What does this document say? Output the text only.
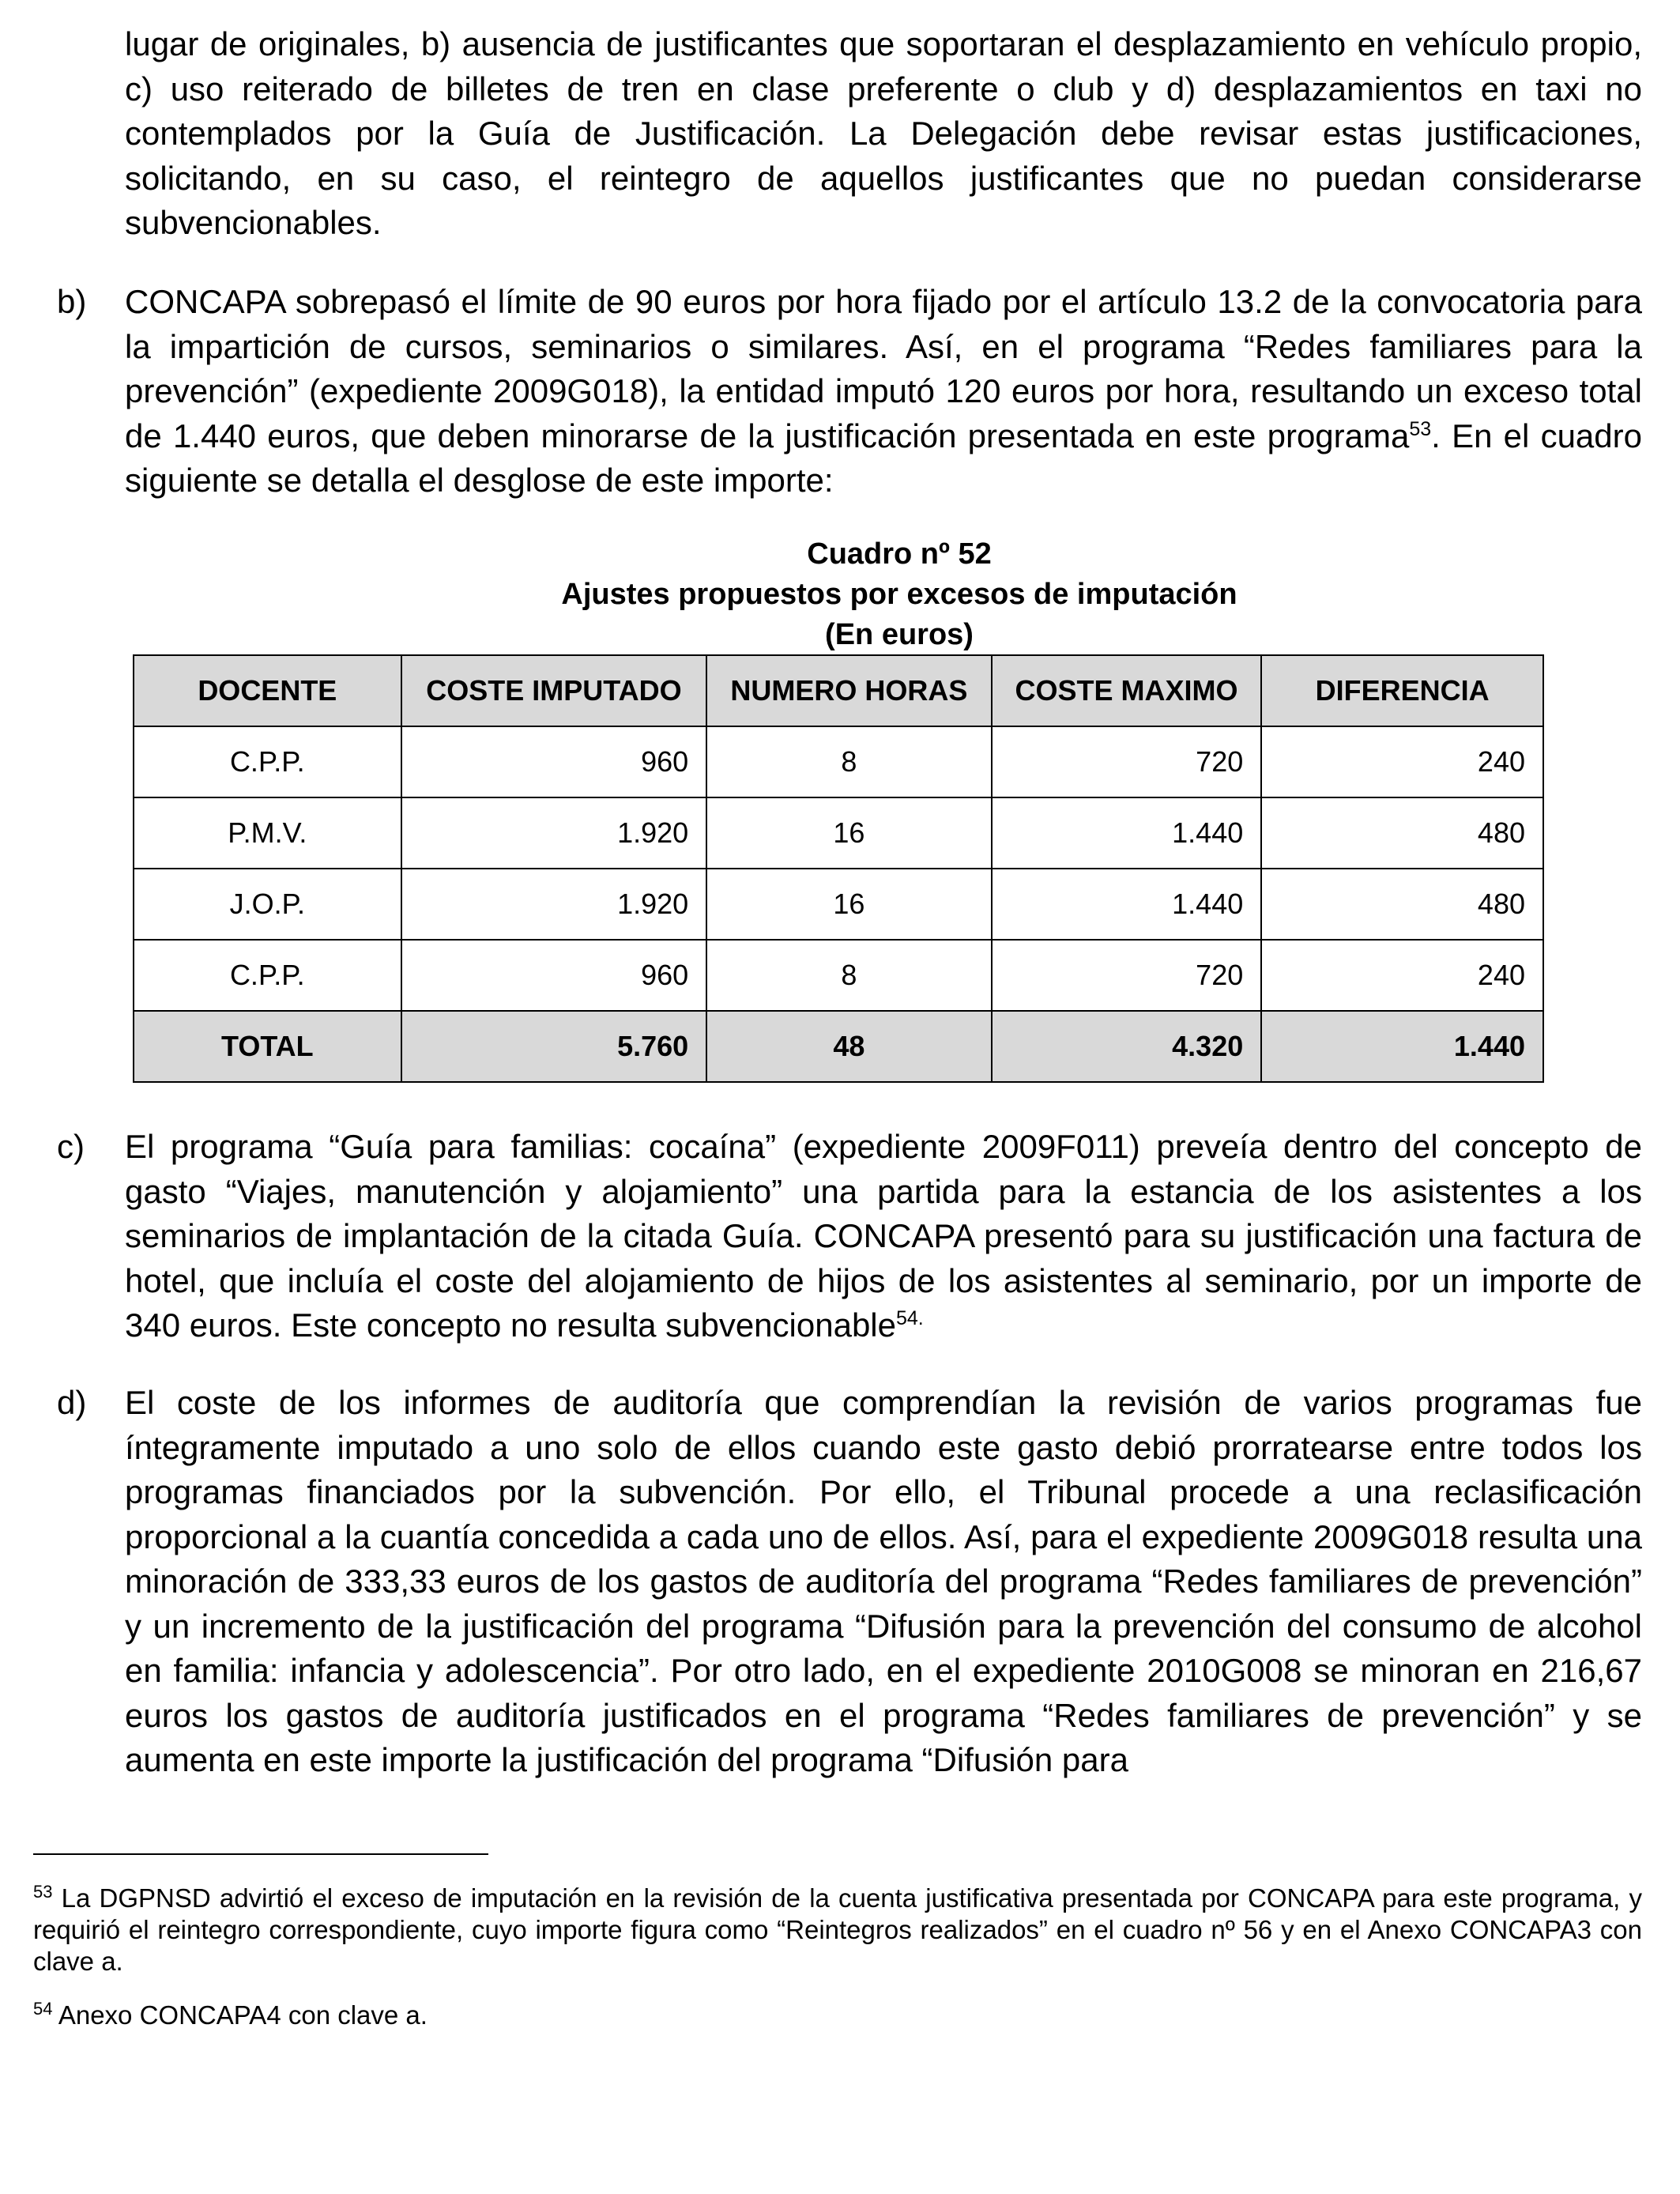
lugar de originales, b) ausencia de justificantes que soportaran el desplazamiento en vehículo propio, c) uso reiterado de billetes de tren en clase preferente o club y d) desplazamientos en taxi no contemplados por la Guía de Justificación. La Delegación debe revisar estas justificaciones, solicitando, en su caso, el reintegro de aquellos justificantes que no puedan considerarse subvencionables.

b) CONCAPA sobrepasó el límite de 90 euros por hora fijado por el artículo 13.2 de la convocatoria para la impartición de cursos, seminarios o similares. Así, en el programa “Redes familiares para la prevención” (expediente 2009G018), la entidad imputó 120 euros por hora, resultando un exceso total de 1.440 euros, que deben minorarse de la justificación presentada en este programa$^{53}$. En el cuadro siguiente se detalla el desglose de este importe:

Cuadro nº 52
Ajustes propuestos por excesos de imputación
(En euros)
DOCENTE	COSTE IMPUTADO	NUMERO HORAS	COSTE MAXIMO	DIFERENCIA
C.P.P.	960	8	720	240
P.M.V.	1.920	16	1.440	480
J.O.P.	1.920	16	1.440	480
C.P.P.	960	8	720	240
TOTAL	5.760	48	4.320	1.440
c) El programa “Guía para familias: cocaína” (expediente 2009F011) preveía dentro del concepto de gasto “Viajes, manutención y alojamiento” una partida para la estancia de los asistentes a los seminarios de implantación de la citada Guía. CONCAPA presentó para su justificación una factura de hotel, que incluía el coste del alojamiento de hijos de los asistentes al seminario, por un importe de 340 euros. Este concepto no resulta subvencionable$^{54.}$

d) El coste de los informes de auditoría que comprendían la revisión de varios programas fue íntegramente imputado a uno solo de ellos cuando este gasto debió prorratearse entre todos los programas financiados por la subvención. Por ello, el Tribunal procede a una reclasificación proporcional a la cuantía concedida a cada uno de ellos. Así, para el expediente 2009G018 resulta una minoración de 333,33 euros de los gastos de auditoría del programa “Redes familiares de prevención” y un incremento de la justificación del programa “Difusión para la prevención del consumo de alcohol en familia: infancia y adolescencia”. Por otro lado, en el expediente 2010G008 se minoran en 216,67 euros los gastos de auditoría justificados en el programa “Redes familiares de prevención” y se aumenta en este importe la justificación del programa “Difusión para

$^{53}$ La DGPNSD advirtió el exceso de imputación en la revisión de la cuenta justificativa presentada por CONCAPA para este programa, y requirió el reintegro correspondiente, cuyo importe figura como “Reintegros realizados” en el cuadro nº 56 y en el Anexo CONCAPA3 con clave a.

$^{54}$ Anexo CONCAPA4 con clave a.
